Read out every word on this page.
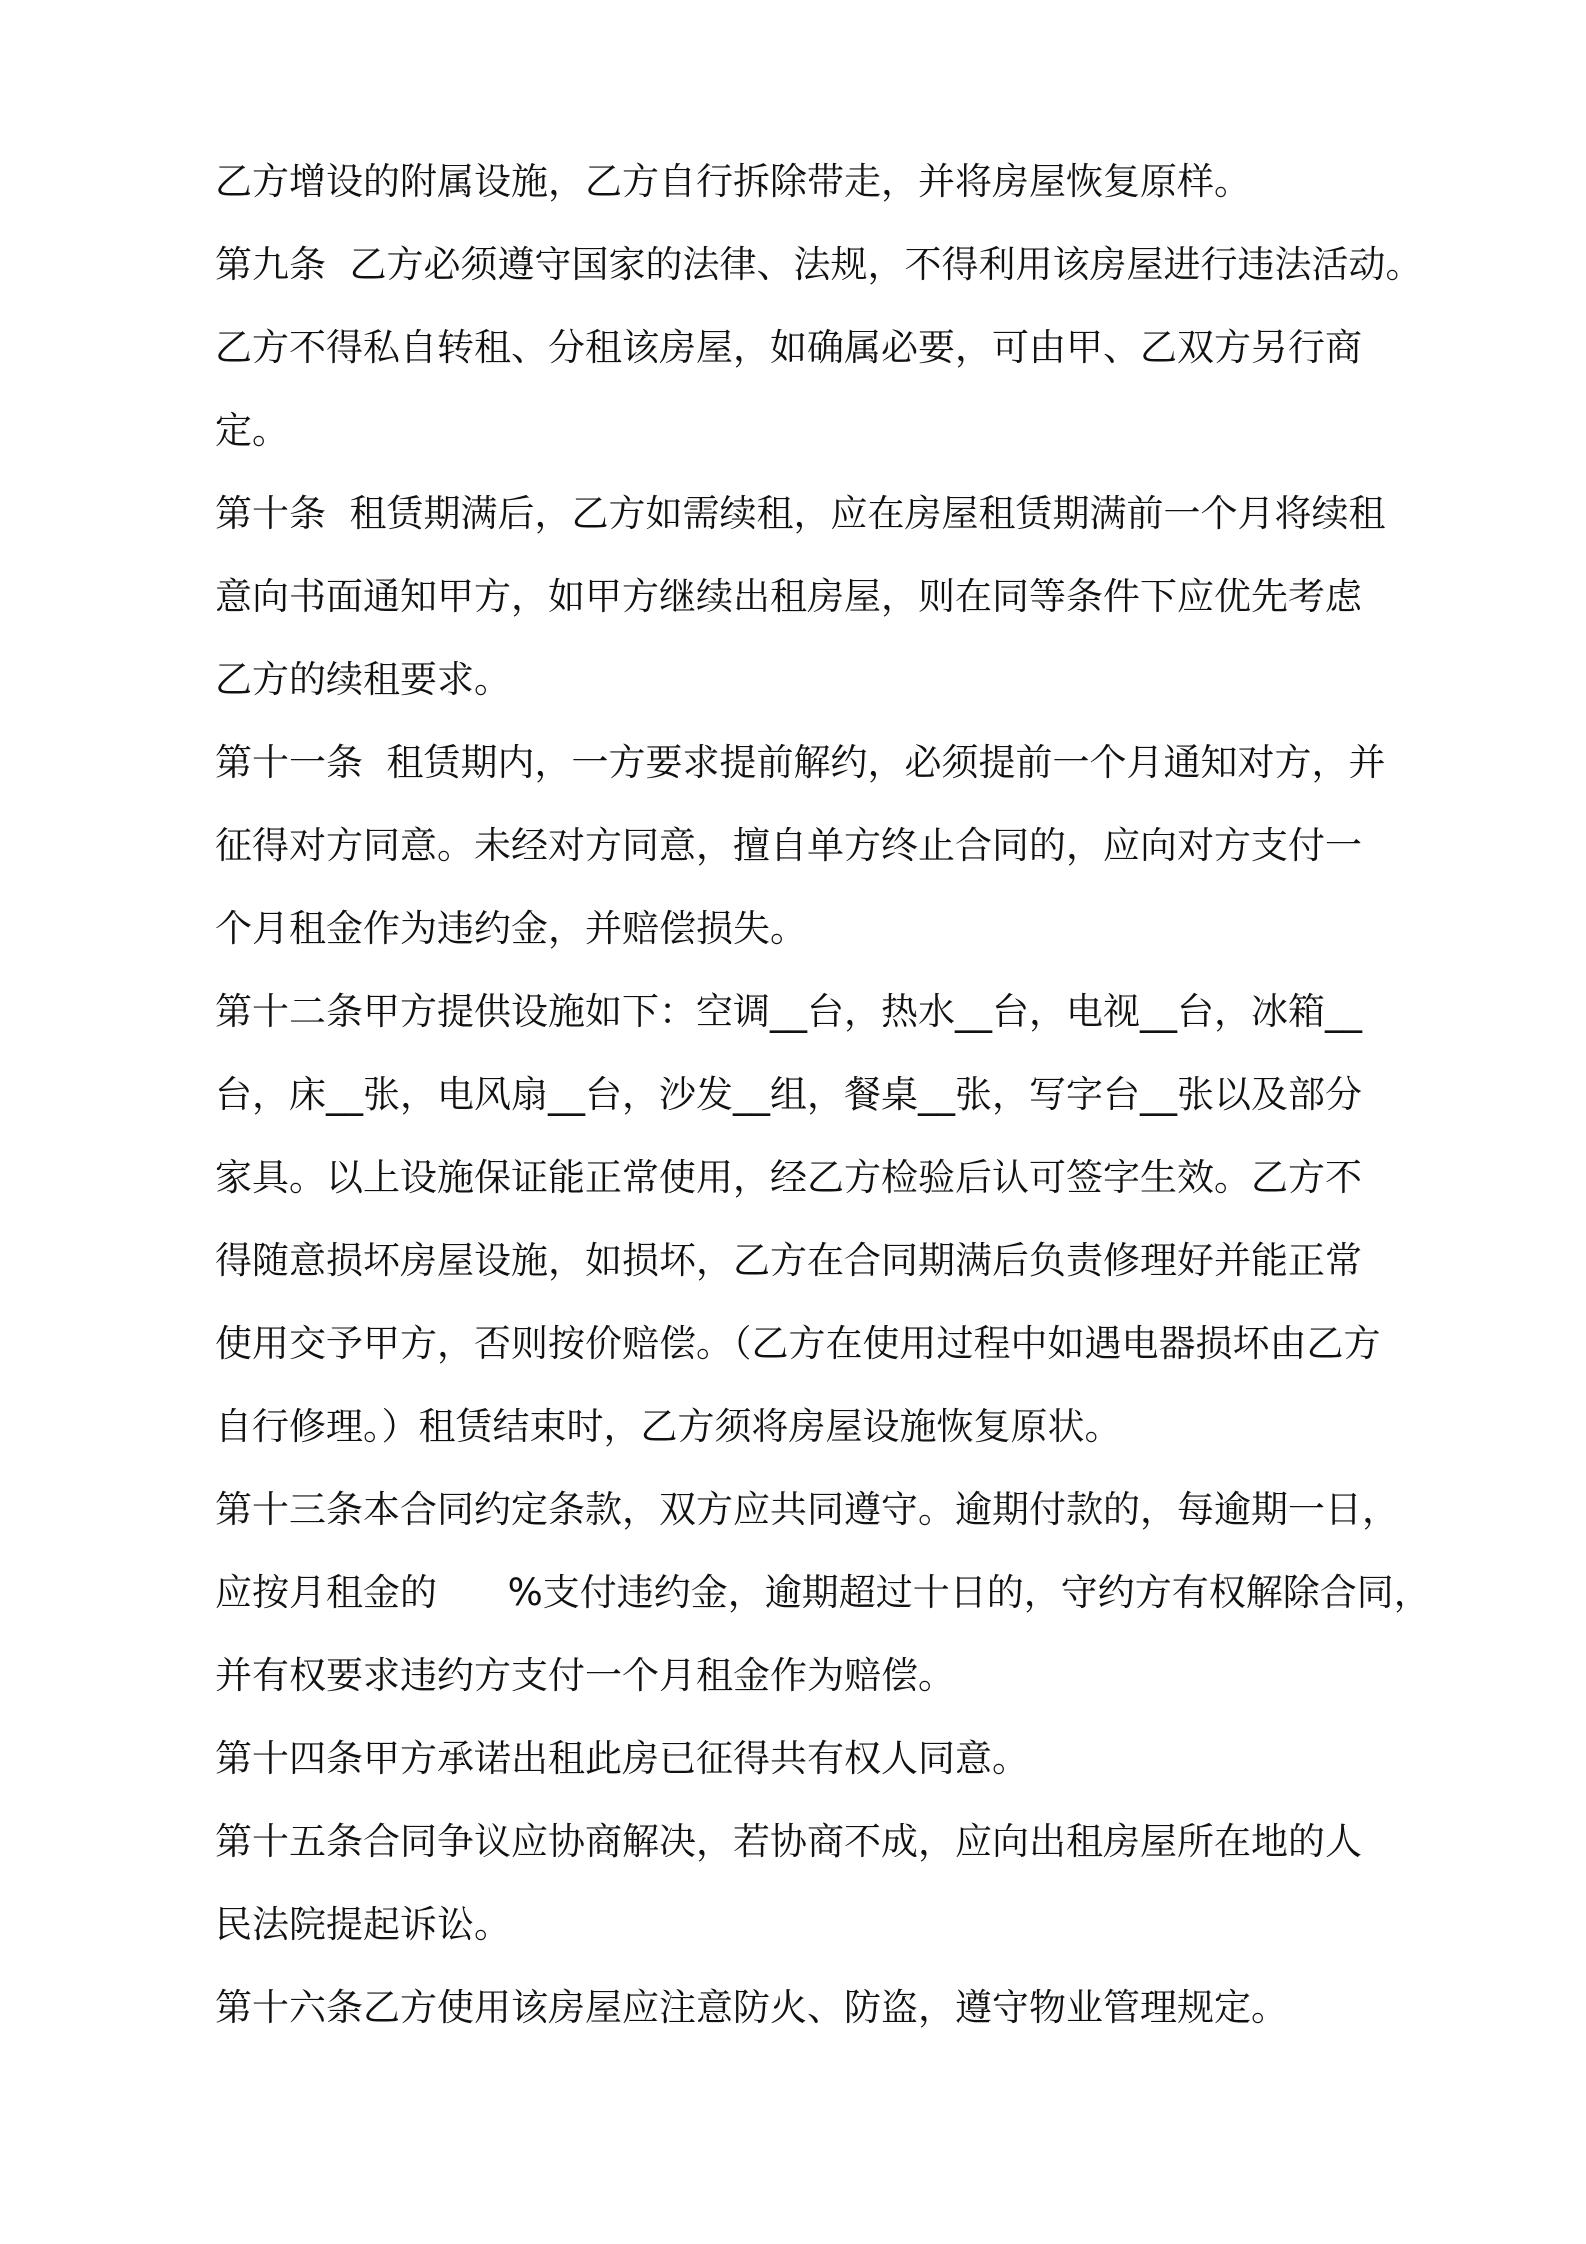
乙方增设的附属设施，乙方自行拆除带走，并将房屋恢复原样。
第九条  乙方必须遵守国家的法律、法规，不得利用该房屋进行违法活动。
乙方不得私自转租、分租该房屋，如确属必要，可由甲、乙双方另行商
定。
第十条  租赁期满后，乙方如需续租，应在房屋租赁期满前一个月将续租
意向书面通知甲方，如甲方继续出租房屋，则在同等条件下应优先考虑
乙方的续租要求。
第十一条  租赁期内，一方要求提前解约，必须提前一个月通知对方，并
征得对方同意。未经对方同意，擅自单方终止合同的，应向对方支付一
个月租金作为违约金，并赔偿损失。
第十二条甲方提供设施如下：空调__台，热水__台，电视__台，冰箱__
台，床__张，电风扇__台，沙发__组，餐桌__张，写字台__张以及部分
家具。以上设施保证能正常使用，经乙方检验后认可签字生效。乙方不
得随意损坏房屋设施，如损坏，乙方在合同期满后负责修理好并能正常
使用交予甲方，否则按价赔偿。（乙方在使用过程中如遇电器损坏由乙方
自行修理。）租赁结束时，乙方须将房屋设施恢复原状。
第十三条本合同约定条款，双方应共同遵守。逾期付款的，每逾期一日，
应按月租金的      %支付违约金，逾期超过十日的，守约方有权解除合同，
并有权要求违约方支付一个月租金作为赔偿。
第十四条甲方承诺出租此房已征得共有权人同意。
第十五条合同争议应协商解决，若协商不成，应向出租房屋所在地的人
民法院提起诉讼。
第十六条乙方使用该房屋应注意防火、防盗，遵守物业管理规定。
